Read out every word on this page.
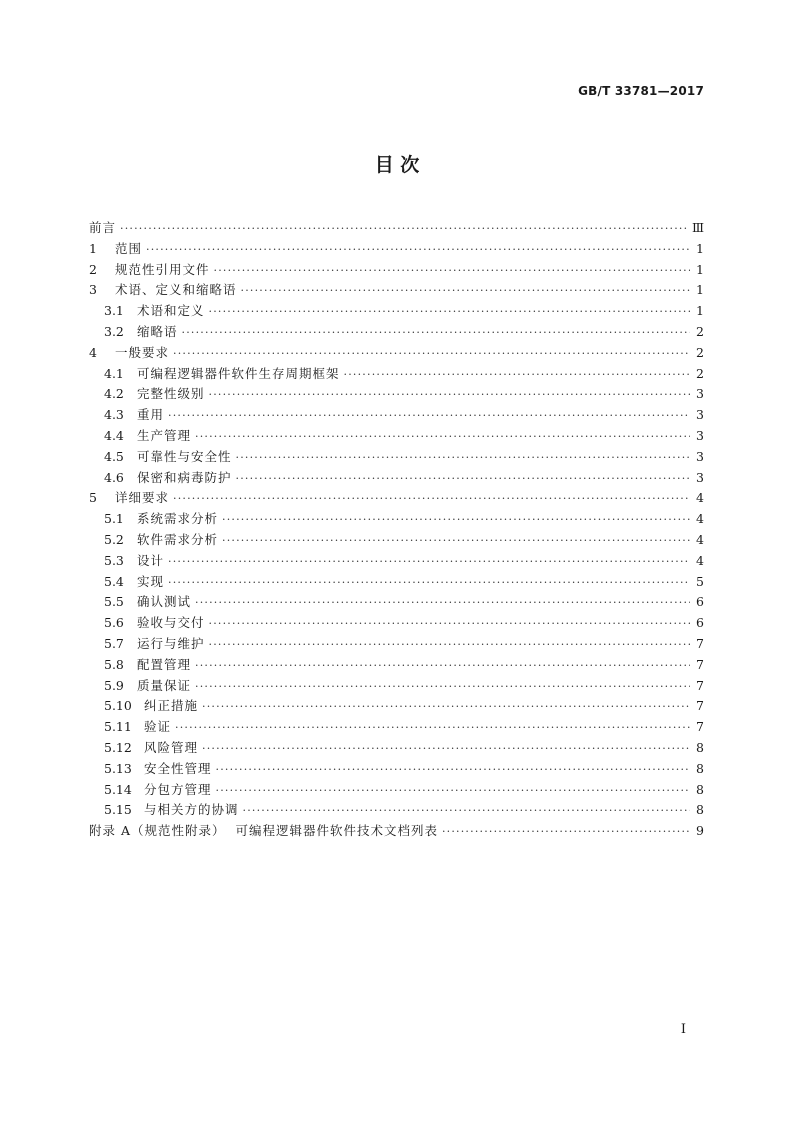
GB/T 33781—2017
目 次
前言 ·····	Ⅲ
1	范围 ·····	1
2	规范性引用文件 ·····	1
3	术语、定义和缩略语 ·····	1
3.1	术语和定义 ·····	1
3.2	缩略语 ·····	2
4	一般要求 ·····	2
4.1	可编程逻辑器件软件生存周期框架 ·····	2
4.2	完整性级别 ·····	3
4.3	重用 ·····	3
4.4	生产管理 ·····	3
4.5	可靠性与安全性 ·····	3
4.6	保密和病毒防护 ·····	3
5	详细要求 ·····	4
5.1	系统需求分析 ·····	4
5.2	软件需求分析 ·····	4
5.3	设计 ·····	4
5.4	实现 ·····	5
5.5	确认测试 ·····	6
5.6	验收与交付 ·····	6
5.7	运行与维护 ·····	7
5.8	配置管理 ·····	7
5.9	质量保证 ·····	7
5.10 纠正措施 ·····	7
5.11 验证 ·····	7
5.12 风险管理 ·····	8
5.13 安全性管理 ·····	8
5.14 分包方管理 ·····	8
5.15 与相关方的协调 ·····	8
附录 A（规范性附录）  可编程逻辑器件软件技术文档列表 ·····	9
I
